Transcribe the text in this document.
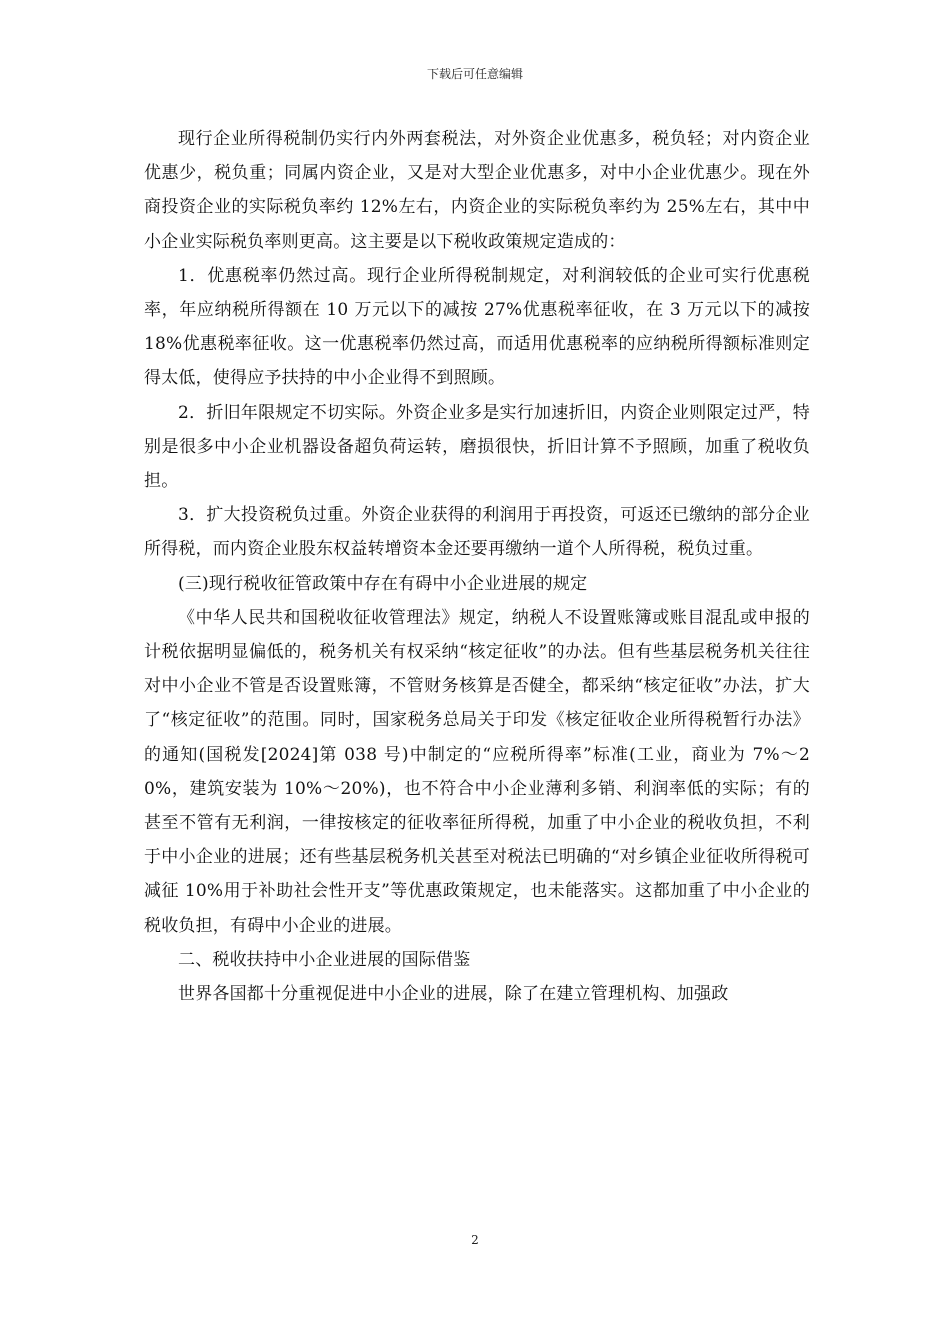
下载后可任意编辑

现行企业所得税制仍实行内外两套税法，对外资企业优惠多，税负轻；对内资企业优惠少，税负重；同属内资企业，又是对大型企业优惠多，对中小企业优惠少。现在外商投资企业的实际税负率约 12%左右，内资企业的实际税负率约为 25%左右，其中中小企业实际税负率则更高。这主要是以下税收政策规定造成的：

1．优惠税率仍然过高。现行企业所得税制规定，对利润较低的企业可实行优惠税率，年应纳税所得额在 10 万元以下的减按 27%优惠税率征收，在 3 万元以下的减按 18%优惠税率征收。这一优惠税率仍然过高，而适用优惠税率的应纳税所得额标准则定得太低，使得应予扶持的中小企业得不到照顾。

2．折旧年限规定不切实际。外资企业多是实行加速折旧，内资企业则限定过严，特别是很多中小企业机器设备超负荷运转，磨损很快，折旧计算不予照顾，加重了税收负担。

3．扩大投资税负过重。外资企业获得的利润用于再投资，可返还已缴纳的部分企业所得税，而内资企业股东权益转增资本金还要再缴纳一道个人所得税，税负过重。

(三)现行税收征管政策中存在有碍中小企业进展的规定

《中华人民共和国税收征收管理法》规定，纳税人不设置账簿或账目混乱或申报的计税依据明显偏低的，税务机关有权采纳“核定征收”的办法。但有些基层税务机关往往对中小企业不管是否设置账簿，不管财务核算是否健全，都采纳“核定征收”办法，扩大了“核定征收”的范围。同时，国家税务总局关于印发《核定征收企业所得税暂行办法》的通知(国税发[2024]第 038 号)中制定的“应税所得率”标准(工业，商业为 7%～20%，建筑安装为 10%～20%)，也不符合中小企业薄利多销、利润率低的实际；有的甚至不管有无利润，一律按核定的征收率征所得税，加重了中小企业的税收负担，不利于中小企业的进展；还有些基层税务机关甚至对税法已明确的“对乡镇企业征收所得税可减征 10%用于补助社会性开支”等优惠政策规定，也未能落实。这都加重了中小企业的税收负担，有碍中小企业的进展。

二、税收扶持中小企业进展的国际借鉴

世界各国都十分重视促进中小企业的进展，除了在建立管理机构、加强政

2
